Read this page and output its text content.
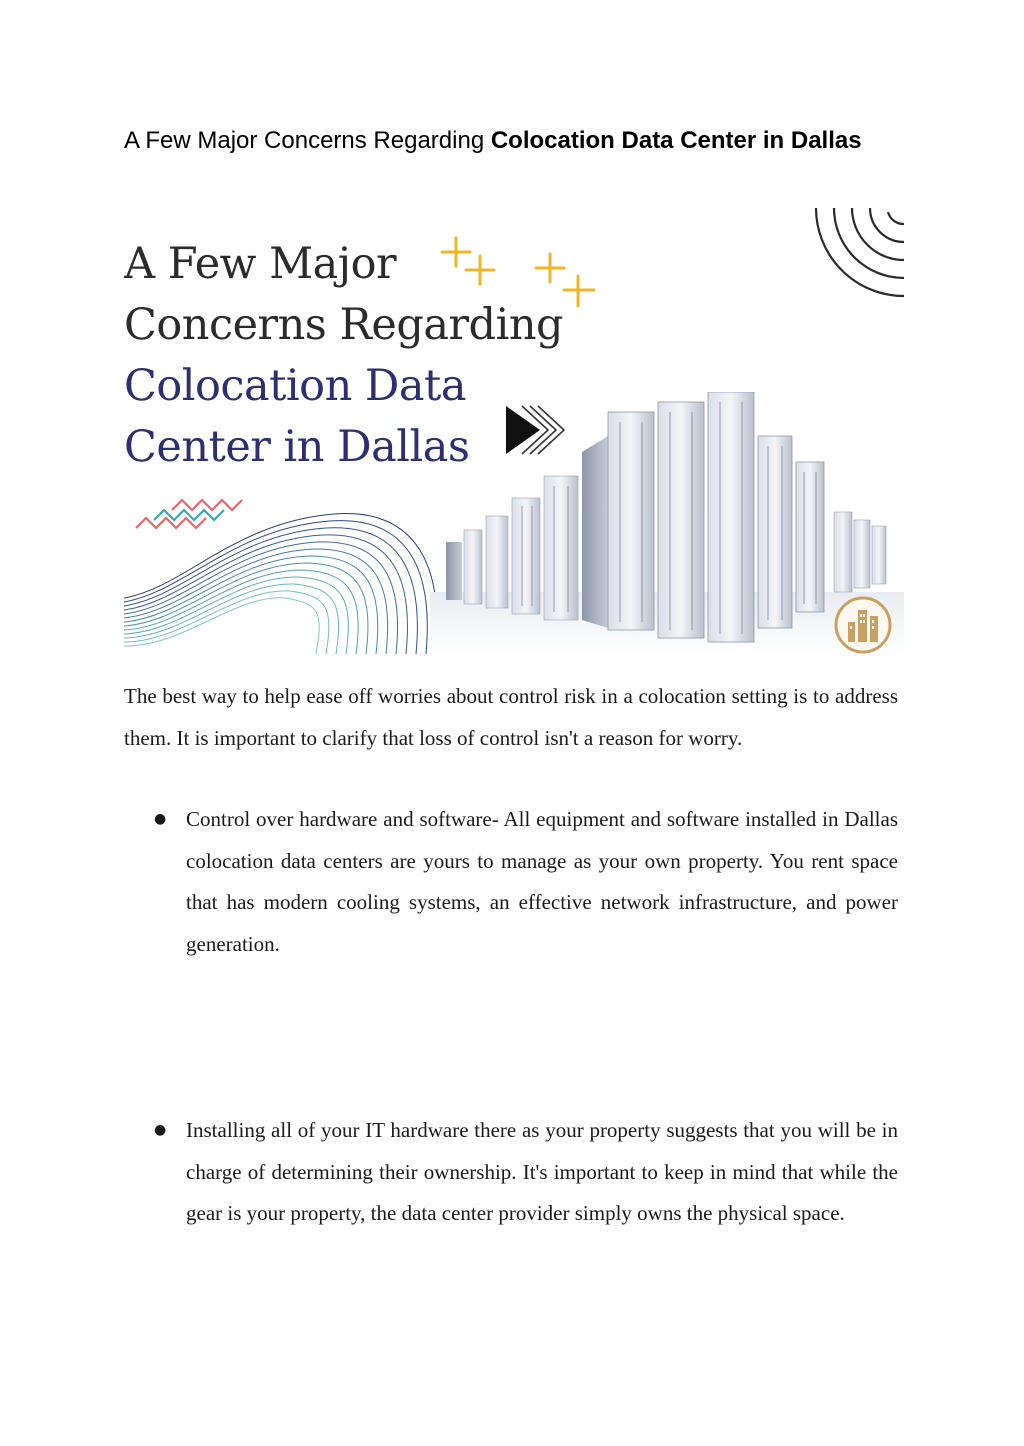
A Few Major Concerns Regarding Colocation Data Center in Dallas
A Few Major
Concerns Regarding
Colocation Data
Center in Dallas

The best way to help ease off worries about control risk in a colocation setting is to address them. It is important to clarify that loss of control isn't a reason for worry.

● Control over hardware and software- All equipment and software installed in Dallas colocation data centers are yours to manage as your own property. You rent space that has modern cooling systems, an effective network infrastructure, and power generation.
● Installing all of your IT hardware there as your property suggests that you will be in charge of determining their ownership. It's important to keep in mind that while the gear is your property, the data center provider simply owns the physical space.
